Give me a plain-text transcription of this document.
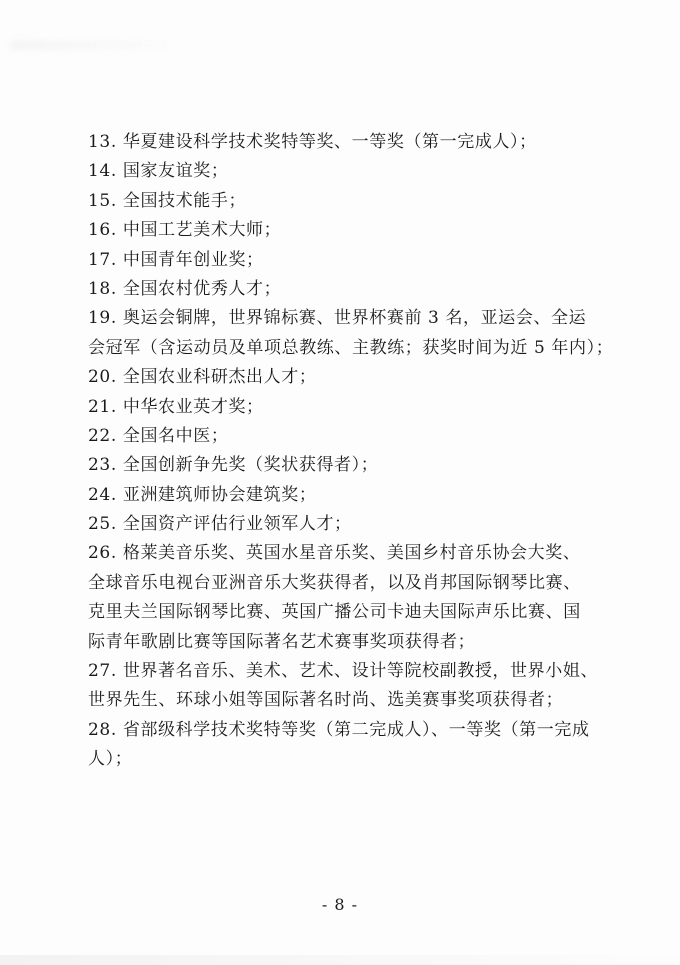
13. 华夏建设科学技术奖特等奖、一等奖（第一完成人）；
14. 国家友谊奖；
15. 全国技术能手；
16. 中国工艺美术大师；
17. 中国青年创业奖；
18. 全国农村优秀人才；
19. 奥运会铜牌，世界锦标赛、世界杯赛前 3 名，亚运会、全运
会冠军（含运动员及单项总教练、主教练；获奖时间为近 5 年内）；
20. 全国农业科研杰出人才；
21. 中华农业英才奖；
22. 全国名中医；
23. 全国创新争先奖（奖状获得者）；
24. 亚洲建筑师协会建筑奖；
25. 全国资产评估行业领军人才；
26. 格莱美音乐奖、英国水星音乐奖、美国乡村音乐协会大奖、
全球音乐电视台亚洲音乐大奖获得者，以及肖邦国际钢琴比赛、
克里夫兰国际钢琴比赛、英国广播公司卡迪夫国际声乐比赛、国
际青年歌剧比赛等国际著名艺术赛事奖项获得者；
27. 世界著名音乐、美术、艺术、设计等院校副教授，世界小姐、
世界先生、环球小姐等国际著名时尚、选美赛事奖项获得者；
28. 省部级科学技术奖特等奖（第二完成人）、一等奖（第一完成
人）；
- 8 -
